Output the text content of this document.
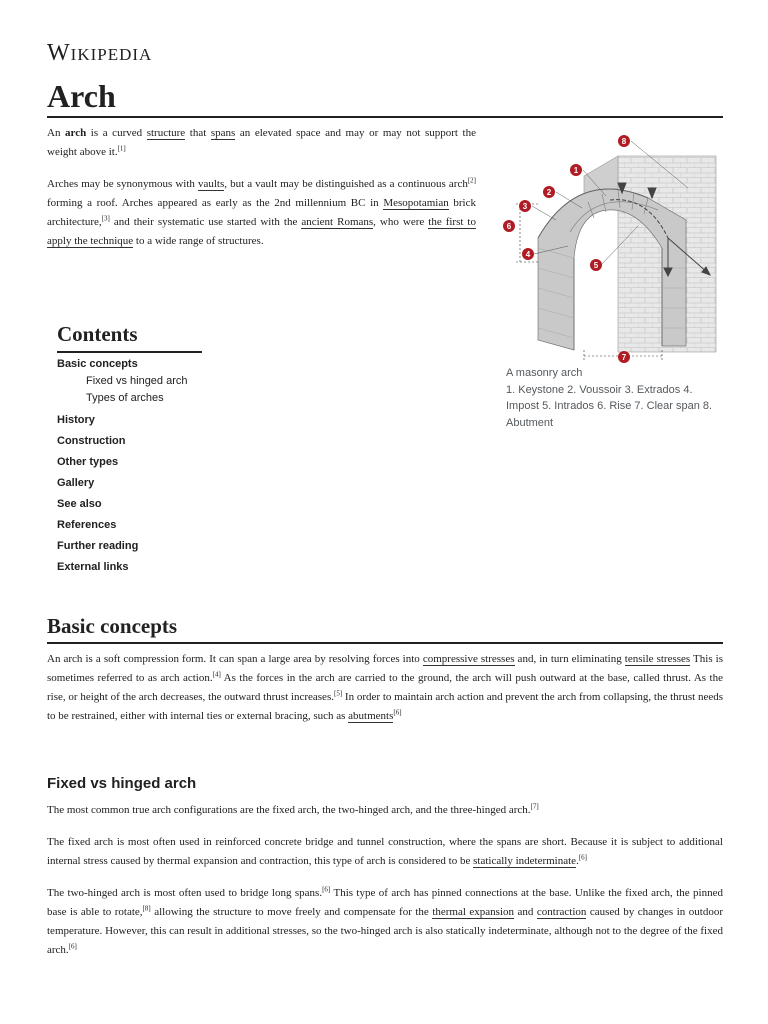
Wikipedia
Arch

An arch is a curved structure that spans an elevated space and may or may not support the weight above it.[1]

Arches may be synonymous with vaults, but a vault may be distinguished as a continuous arch[2] forming a roof. Arches appeared as early as the 2nd millennium BC in Mesopotamian brick architecture,[3] and their systematic use started with the ancient Romans, who were the first to apply the technique to a wide range of structures.

1
2
3
4
5
6
7
8
A masonry arch
1. Keystone 2. Voussoir 3. Extrados 4. Impost 5. Intrados 6. Rise 7. Clear span 8. Abutment
Contents
Basic concepts
Fixed vs hinged arch
Types of arches
History
Construction
Other types
Gallery
See also
References
Further reading
External links
Basic concepts

An arch is a soft compression form. It can span a large area by resolving forces into compressive stresses and, in turn eliminating tensile stresses This is sometimes referred to as arch action.[4] As the forces in the arch are carried to the ground, the arch will push outward at the base, called thrust. As the rise, or height of the arch decreases, the outward thrust increases.[5] In order to maintain arch action and prevent the arch from collapsing, the thrust needs to be restrained, either with internal ties or external bracing, such as abutments[6]

Fixed vs hinged arch

The most common true arch configurations are the fixed arch, the two-hinged arch, and the three-hinged arch.[7]

The fixed arch is most often used in reinforced concrete bridge and tunnel construction, where the spans are short. Because it is subject to additional internal stress caused by thermal expansion and contraction, this type of arch is considered to be statically indeterminate.[6]

The two-hinged arch is most often used to bridge long spans.[6] This type of arch has pinned connections at the base. Unlike the fixed arch, the pinned base is able to rotate,[8] allowing the structure to move freely and compensate for the thermal expansion and contraction caused by changes in outdoor temperature. However, this can result in additional stresses, so the two-hinged arch is also statically indeterminate, although not to the degree of the fixed arch.[6]
